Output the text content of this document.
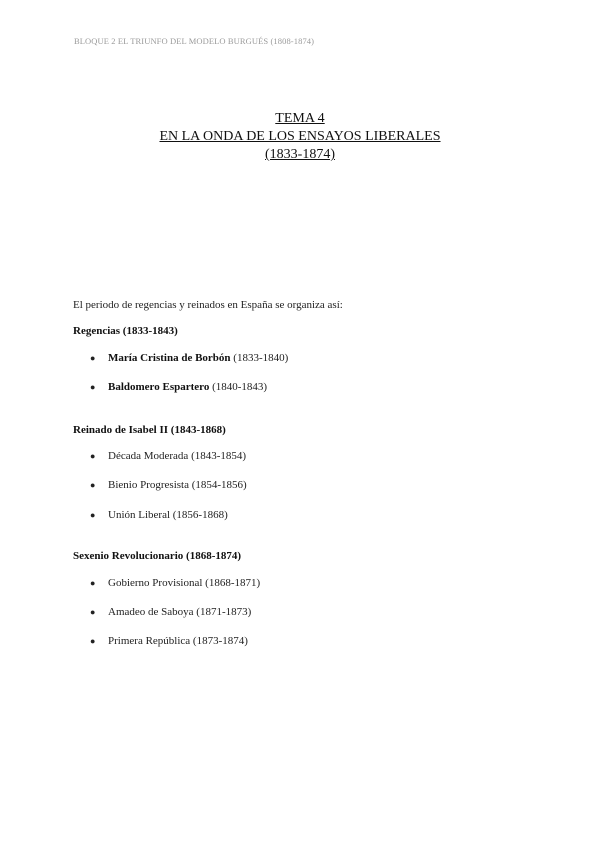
BLOQUE 2 EL TRIUNFO DEL MODELO BURGUÉS (1808-1874)
TEMA 4
EN LA ONDA DE LOS ENSAYOS LIBERALES
(1833-1874)
El periodo de regencias y reinados en España se organiza así:
Regencias (1833-1843)
● María Cristina de Borbón (1833-1840)
● Baldomero Espartero (1840-1843)
Reinado de Isabel II (1843-1868)
● Década Moderada (1843-1854)
● Bienio Progresista (1854-1856)
● Unión Liberal (1856-1868)
Sexenio Revolucionario (1868-1874)
● Gobierno Provisional (1868-1871)
● Amadeo de Saboya (1871-1873)
● Primera República (1873-1874)
